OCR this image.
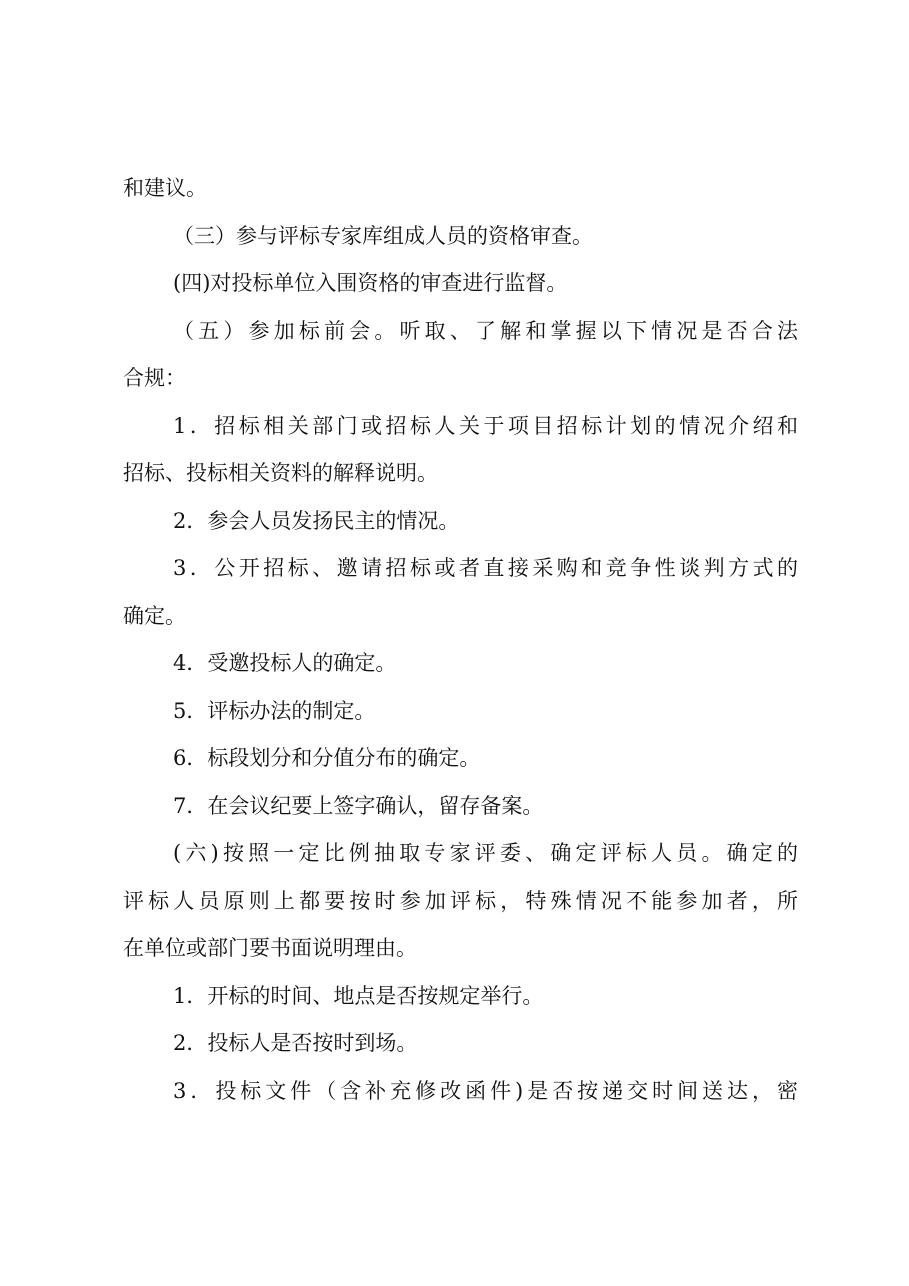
和建议。
（三）参与评标专家库组成人员的资格审查。
(四)对投标单位入围资格的审查进行监督。
（五）参加标前会。听取、了解和掌握以下情况是否合法
合规：
1．招标相关部门或招标人关于项目招标计划的情况介绍和
招标、投标相关资料的解释说明。
2．参会人员发扬民主的情况。
3．公开招标、邀请招标或者直接采购和竞争性谈判方式的
确定。
4．受邀投标人的确定。
5．评标办法的制定。
6．标段划分和分值分布的确定。
7．在会议纪要上签字确认，留存备案。
(六)按照一定比例抽取专家评委、确定评标人员。确定的
评标人员原则上都要按时参加评标，特殊情况不能参加者，所
在单位或部门要书面说明理由。
1．开标的时间、地点是否按规定举行。
2．投标人是否按时到场。
3．投标文件（含补充修改函件)是否按递交时间送达，密
